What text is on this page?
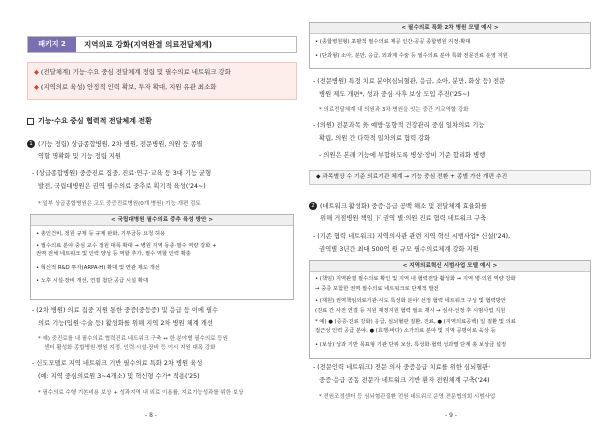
패키지 2	지역의료 강화(지역완결 의료전달체계)
◆ (전달체계) 기능·수요 중심 전달체계 정립 및 필수의료 네트워크 강화
◆ (지역의료 육성) 안정적 인력 확보, 투자 확대, 지원 유관 최소화
기능·수요 중심 협력적 전달체계 전환
1 (기능 정립) 상급종합병원, 2차 병원, 전문병원, 의원 등 종별
역할 명확화 및 기능 정립 지원
- (상급종합병원) 중증진료 집중, 진료·연구·교육 등 3대 기능 균형
발전, 국립대병원은 권역 필수의료 중추로 획기적 육성('24~)
* 일부 상급종합병원은 고도 중증진료병원(0개 병원) 기능 개편 검토
< 국립대병원 필수의료 중추 육성 방안 >
• 총인건비, 정원 규제 등 규제 완화, 기부금등 요청 허용
• 필수의료 분야 중심 교수 정원 대폭 확대 → 병원 지역 동종·필수 역량 강화 +
권역 전체 네트워크 및 인력 양성 등 역할 추가, 필수 역할 인력 확충
• 혁신적 R&D 투자(ARPA-H) 확대 및 연관 제도 개선
• 노후 시설·장비 개선, 연결 첨단 공급 시설 확대
- (2차 병원) 의료 집중 지원 통한 중증(중등증) 및 응급 등 이에 필수
의료 기능(입원·수술 등) 활성화를 위해 지역 2차 병원 체계 개선
* 예) 중진료를 내 필수의료 협력진료 네트워크 구축 ↔ 한 분야별 필수의료 등원
센터 활성화 종합병원·병원 지정, 인력·시설·장비 등 이시 지원 대폭 강화
- 신도모델로 지역 네트워크 기반 필수의료 특화 2차 병원 육성
(예: 지역 중심의료원 3~4개소) 및 혁신형 수가* 적용('25)
* 필수의료 수행 기본비용 보상 + 성과지역 내 외료 이용률, 지료기능성과를 위한 보상
- 8 -
< 필수의료 특화 2차 병원 모델 예시 >
• (종합병원형) 포괄적 필수의료 제공 인간·공공 종합병원 지정·확대
• (단과형) 소아, 분만, 응급, 외과계 수술 등 필수의료 분야 특화 전문진료 운영 지원
- (전문병원) 특정 치료 분야(심뇌혈관, 응급, 소아, 분만, 화상 등) 전문
병원 제도 개편*, 성과 중심 사후 보상 도입 추진('25~)
* 의료전달체계 내 의원과 3차 병원을 잇는 중간 거교역할 강화
- (의원) 전문과목 外 예방·동향적 건강관리 중심 일차의료 기능
확립, 의원 간 다학적 일차의료 협력 강화
- 의원은 본래 기능에 부합하도록 병상·장비 기준 합리화 병행
◆ 과목별상 수 기준 의료기관 체계 → 기능 중심 전환 + 종별 가산 개편 추진
2 (네트워크 활성화) 중증·응급 공백 해소 및 전달체계 효율화를
위해 거점병원 책임 下 권역 별·의원 진료 협력 네트워크 구축
- (기존 협력 네트워크) 지역의사관 관련 지역 혁신 시범사업* 신설('24),
권역별 3년간 최대 500억 원 규모 필수의료체계 강화 지원
< 지역의료혁신 시범사업 모델 예시 >
• (책임) 지역완결 필수의료 확인 및 지역 내 협력전달 활성화 → 지역 병·의원 역량 강화
→ 중증 포함한 권역 필수의료 네트워크로 단계적 발전
• (재원) 권역책임의료기관·시도 특성화 분야' 선정 협력 네트워크 구성 및 협력방안
(진료 간 사전 연결 등 지원 재정지원 협력 필요 재시 → 심사·선정 후 시범사업 지원
* 예) ● (증증·진료 강화) 응급, 심뇌혈관 질환, 진료, ● (지역의료공백) 일 질환 및 의료
접근성 인력 공급 분야, ● (효행·바다) 소가의료 분야 및 지역 공평이로 육상 등
• (보상) 성과 기반 목표형 기관 단위 보상, 특성화·협력 성과별 단계 총 보상금 설정
- (전문인력 네트워크) 전문 의사 중증응급 치료를 위한 심뇌혈관·
중증·응급 공동 전문가 네트워크 기반 환자 전원체계 구축('24)
* 전원조정센터 등 심뇌혈관질환 전원 네트워크 운영 전문협의회 시범사업
- 9 -
